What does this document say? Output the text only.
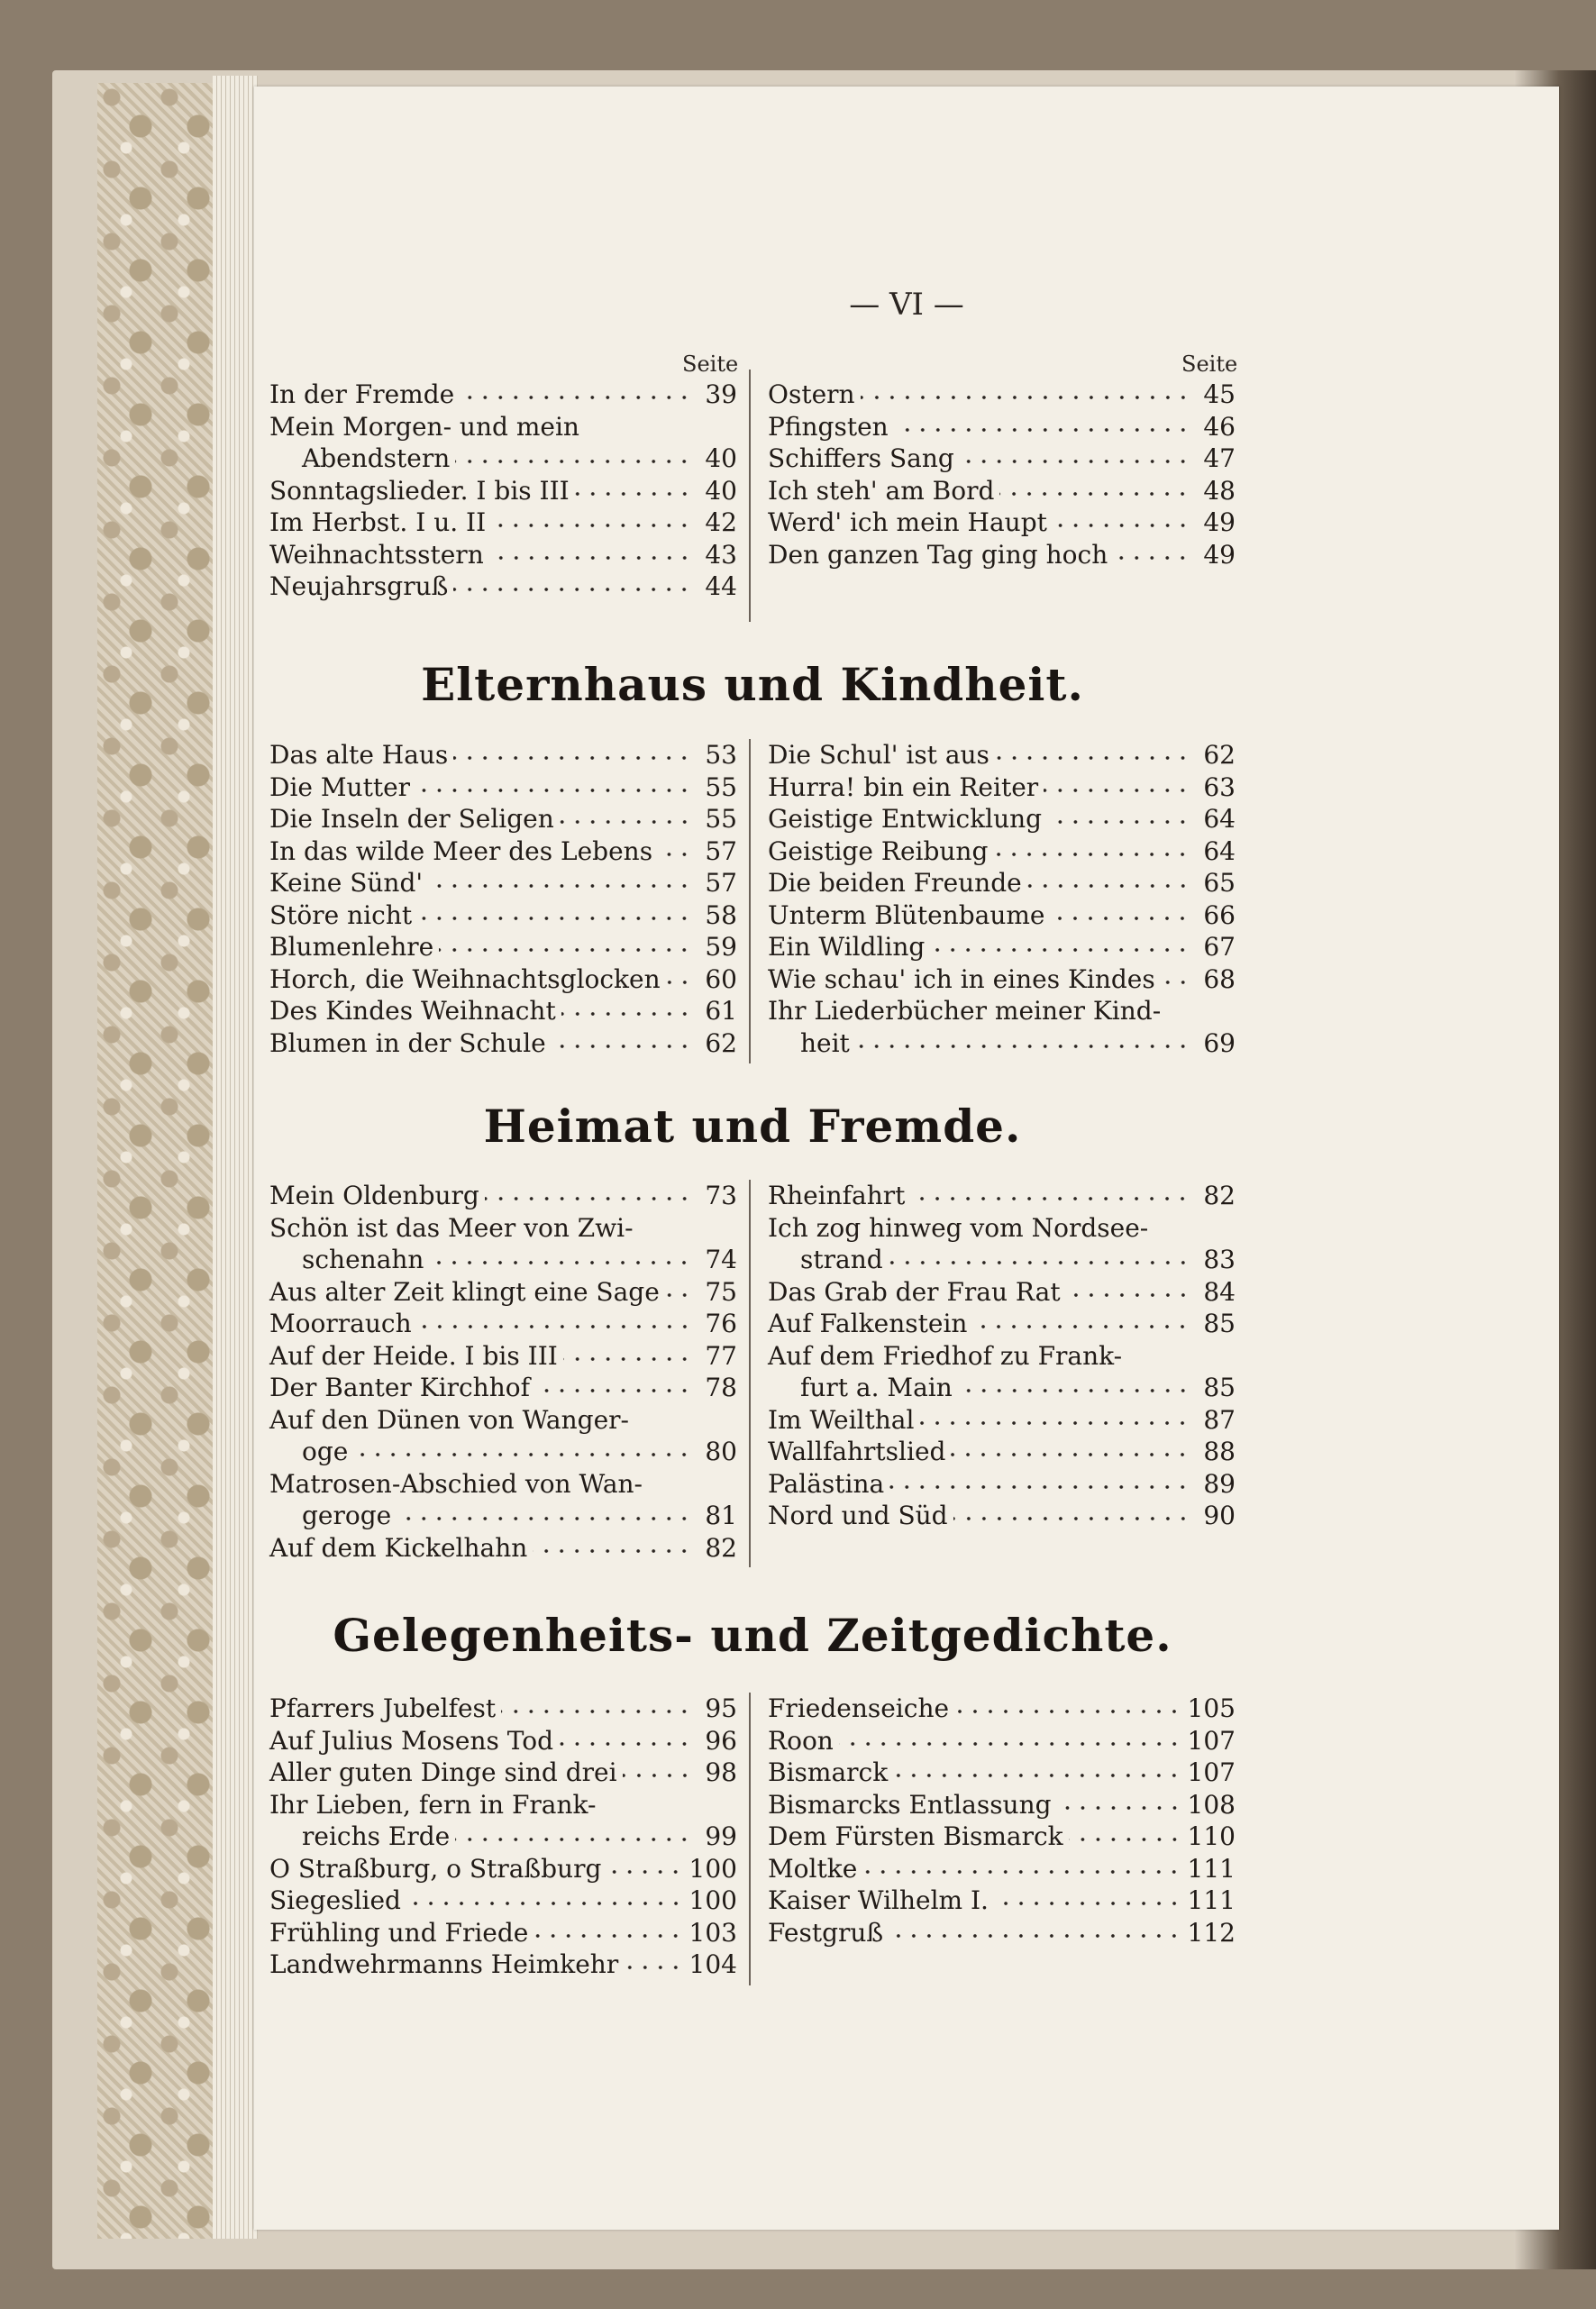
— VI —
Seite	Seite
In der Fremde	39
Mein Morgen- und mein
Abendstern	40
Sonntagslieder. I bis III	40
Im Herbst. I u. II	42
Weihnachtsstern	43
Neujahrsgruß	44
Ostern	45
Pfingsten	46
Schiffers Sang	47
Ich steh' am Bord	48
Werd' ich mein Haupt	49
Den ganzen Tag ging hoch	49
Elternhaus und Kindheit.
Das alte Haus	53
Die Mutter	55
Die Inseln der Seligen	55
In das wilde Meer des Lebens 57
Keine Sünd'	57
Störe nicht	58
Blumenlehre	59
Horch, die Weihnachtsglocken 60
Des Kindes Weihnacht	61
Blumen in der Schule	62
Die Schul' ist aus	62
Hurra! bin ein Reiter	63
Geistige Entwicklung	64
Geistige Reibung	64
Die beiden Freunde	65
Unterm Blütenbaume	66
Ein Wildling	67
Wie schau' ich in eines Kindes 68
Ihr Liederbücher meiner Kind-
heit	69
Heimat und Fremde.
Mein Oldenburg	73
Schön ist das Meer von Zwi-
schenahn	74
Aus alter Zeit klingt eine Sage 75
Moorrauch	76
Auf der Heide. I bis III	77
Der Banter Kirchhof	78
Auf den Dünen von Wanger-
oge	80
Matrosen-Abschied von Wan-
geroge	81
Auf dem Kickelhahn	82
Rheinfahrt	82
Ich zog hinweg vom Nordsee-
strand	83
Das Grab der Frau Rat	84
Auf Falkenstein	85
Auf dem Friedhof zu Frank-
furt a. Main	85
Im Weilthal	87
Wallfahrtslied	88
Palästina	89
Nord und Süd	90
Gelegenheits- und Zeitgedichte.
Pfarrers Jubelfest	95
Auf Julius Mosens Tod	96
Aller guten Dinge sind drei	98
Ihr Lieben, fern in Frank-
reichs Erde	99
O Straßburg, o Straßburg	100
Siegeslied	100
Frühling und Friede	103
Landwehrmanns Heimkehr	104
Friedenseiche	105
Roon	107
Bismarck	107
Bismarcks Entlassung	108
Dem Fürsten Bismarck	110
Moltke	111
Kaiser Wilhelm I.	111
Festgruß	112
